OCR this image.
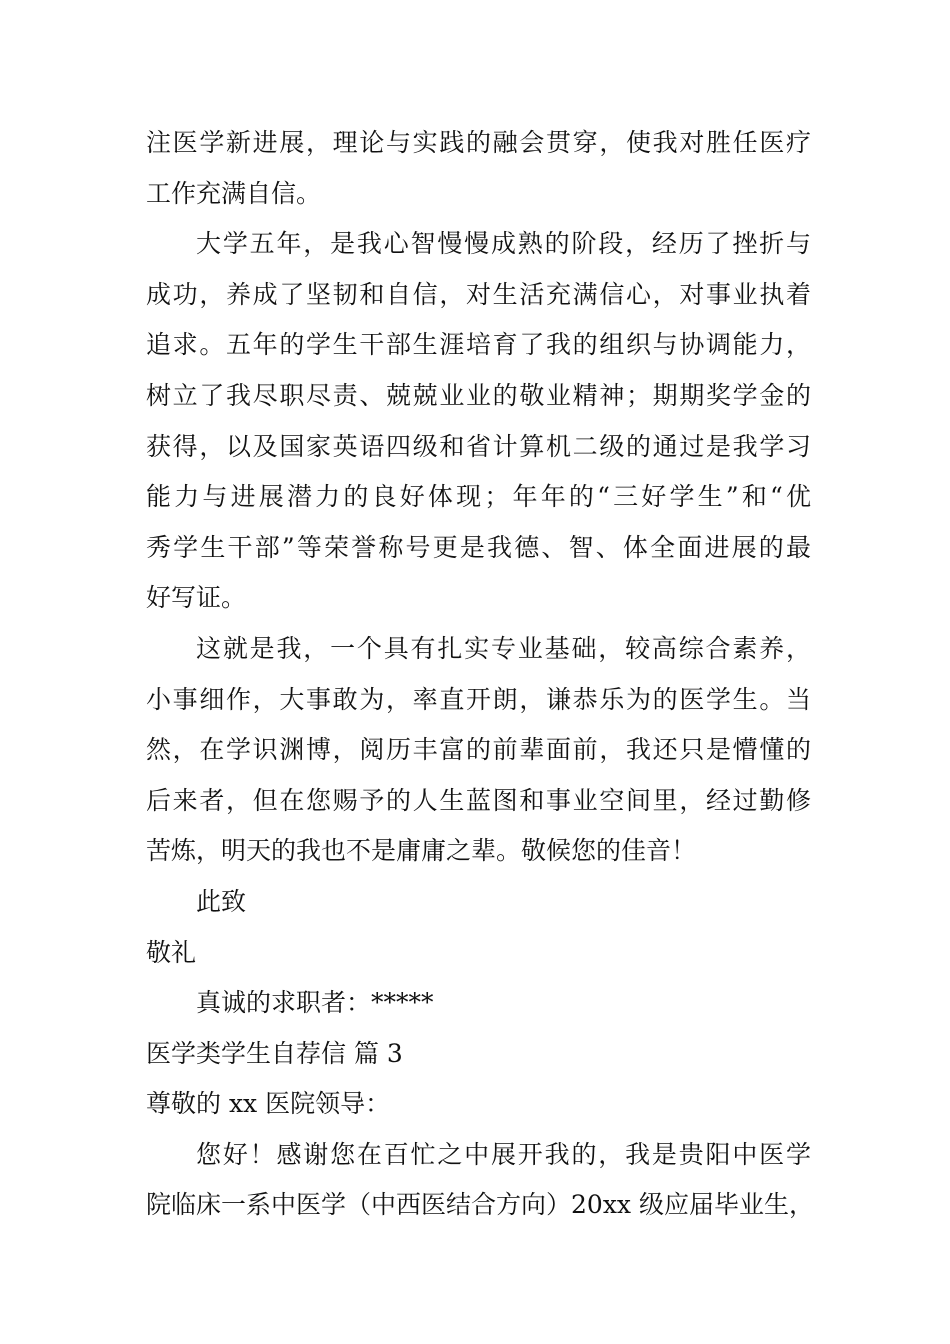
注医学新进展，理论与实践的融会贯穿，使我对胜任医疗
工作充满自信。
大学五年，是我心智慢慢成熟的阶段，经历了挫折与
成功，养成了坚韧和自信，对生活充满信心，对事业执着
追求。五年的学生干部生涯培育了我的组织与协调能力，
树立了我尽职尽责、兢兢业业的敬业精神；期期奖学金的
获得，以及国家英语四级和省计算机二级的通过是我学习
能力与进展潜力的良好体现；年年的“三好学生”和“优
秀学生干部”等荣誉称号更是我德、智、体全面进展的最
好写证。
这就是我，一个具有扎实专业基础，较高综合素养，
小事细作，大事敢为，率直开朗，谦恭乐为的医学生。当
然，在学识渊博，阅历丰富的前辈面前，我还只是懵懂的
后来者，但在您赐予的人生蓝图和事业空间里，经过勤修
苦炼，明天的我也不是庸庸之辈。敬候您的佳音！
此致
敬礼
真诚的求职者：*****
医学类学生自荐信 篇 3
尊敬的 xx 医院领导：
您好！感谢您在百忙之中展开我的，我是贵阳中医学
院临床一系中医学（中西医结合方向）20xx 级应届毕业生，
